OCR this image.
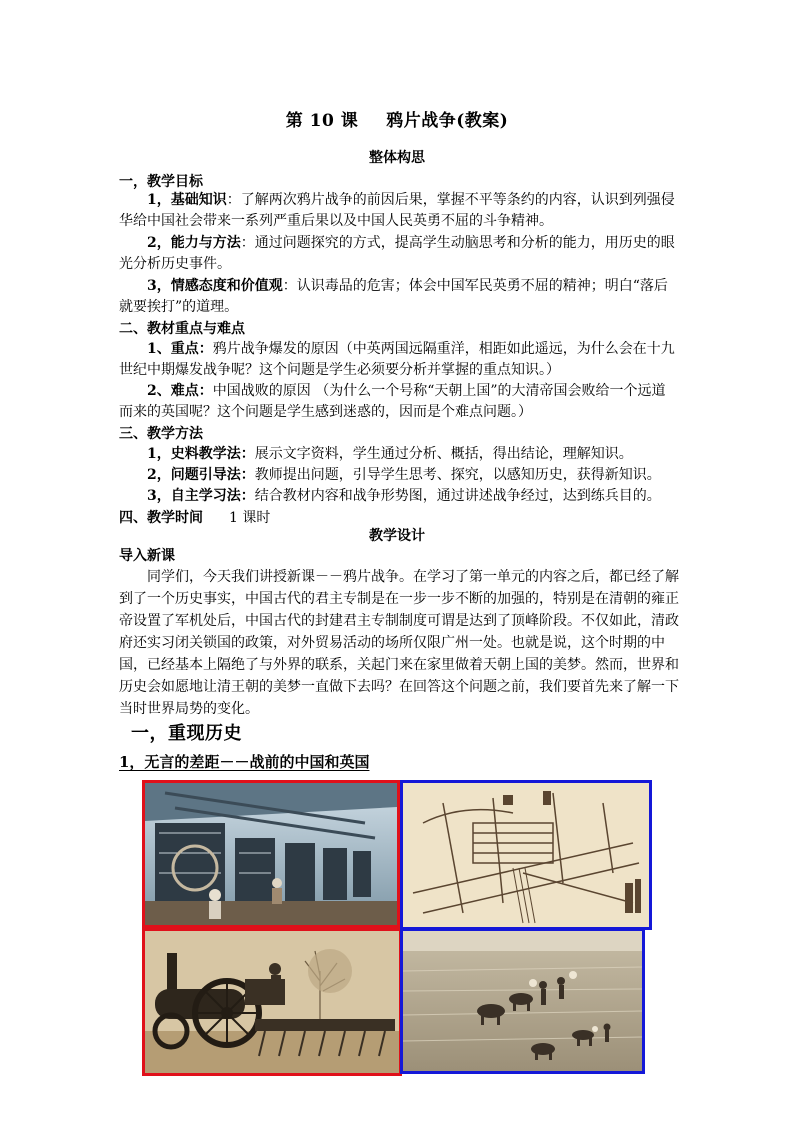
第 10 课 鸦片战争(教案)
整体构思
一，教学目标
1，基础知识：了解两次鸦片战争的前因后果，掌握不平等条约的内容，认识到列强侵
华给中国社会带来一系列严重后果以及中国人民英勇不屈的斗争精神。
2，能力与方法：通过问题探究的方式，提高学生动脑思考和分析的能力，用历史的眼
光分析历史事件。
3，情感态度和价值观：认识毒品的危害；体会中国军民英勇不屈的精神；明白“落后
就要挨打”的道理。
二、教材重点与难点
1、重点：鸦片战争爆发的原因（中英两国远隔重洋，相距如此遥远，为什么会在十九
世纪中期爆发战争呢？这个问题是学生必须要分析并掌握的重点知识。）
2、难点：中国战败的原因 （为什么一个号称“天朝上国”的大清帝国会败给一个远道
而来的英国呢？这个问题是学生感到迷惑的，因而是个难点问题。）
三、教学方法
1，史料教学法：展示文字资料，学生通过分析、概括，得出结论，理解知识。
2，问题引导法：教师提出问题，引导学生思考、探究，以感知历史，获得新知识。
3，自主学习法：结合教材内容和战争形势图，通过讲述战争经过，达到练兵目的。
四、教学时间 1 课时
教学设计
导入新课
同学们，今天我们讲授新课－－鸦片战争。在学习了第一单元的内容之后，都已经了解到了一个历史事实，中国古代的君主专制是在一步一步不断的加强的，特别是在清朝的雍正帝设置了军机处后，中国古代的封建君主专制制度可谓是达到了顶峰阶段。不仅如此，清政府还实习闭关锁国的政策，对外贸易活动的场所仅限广州一处。也就是说，这个时期的中国，已经基本上隔绝了与外界的联系，关起门来在家里做着天朝上国的美梦。然而，世界和历史会如愿地让清王朝的美梦一直做下去吗？在回答这个问题之前，我们要首先来了解一下当时世界局势的变化。
一，重现历史
1，无言的差距－－战前的中国和英国
